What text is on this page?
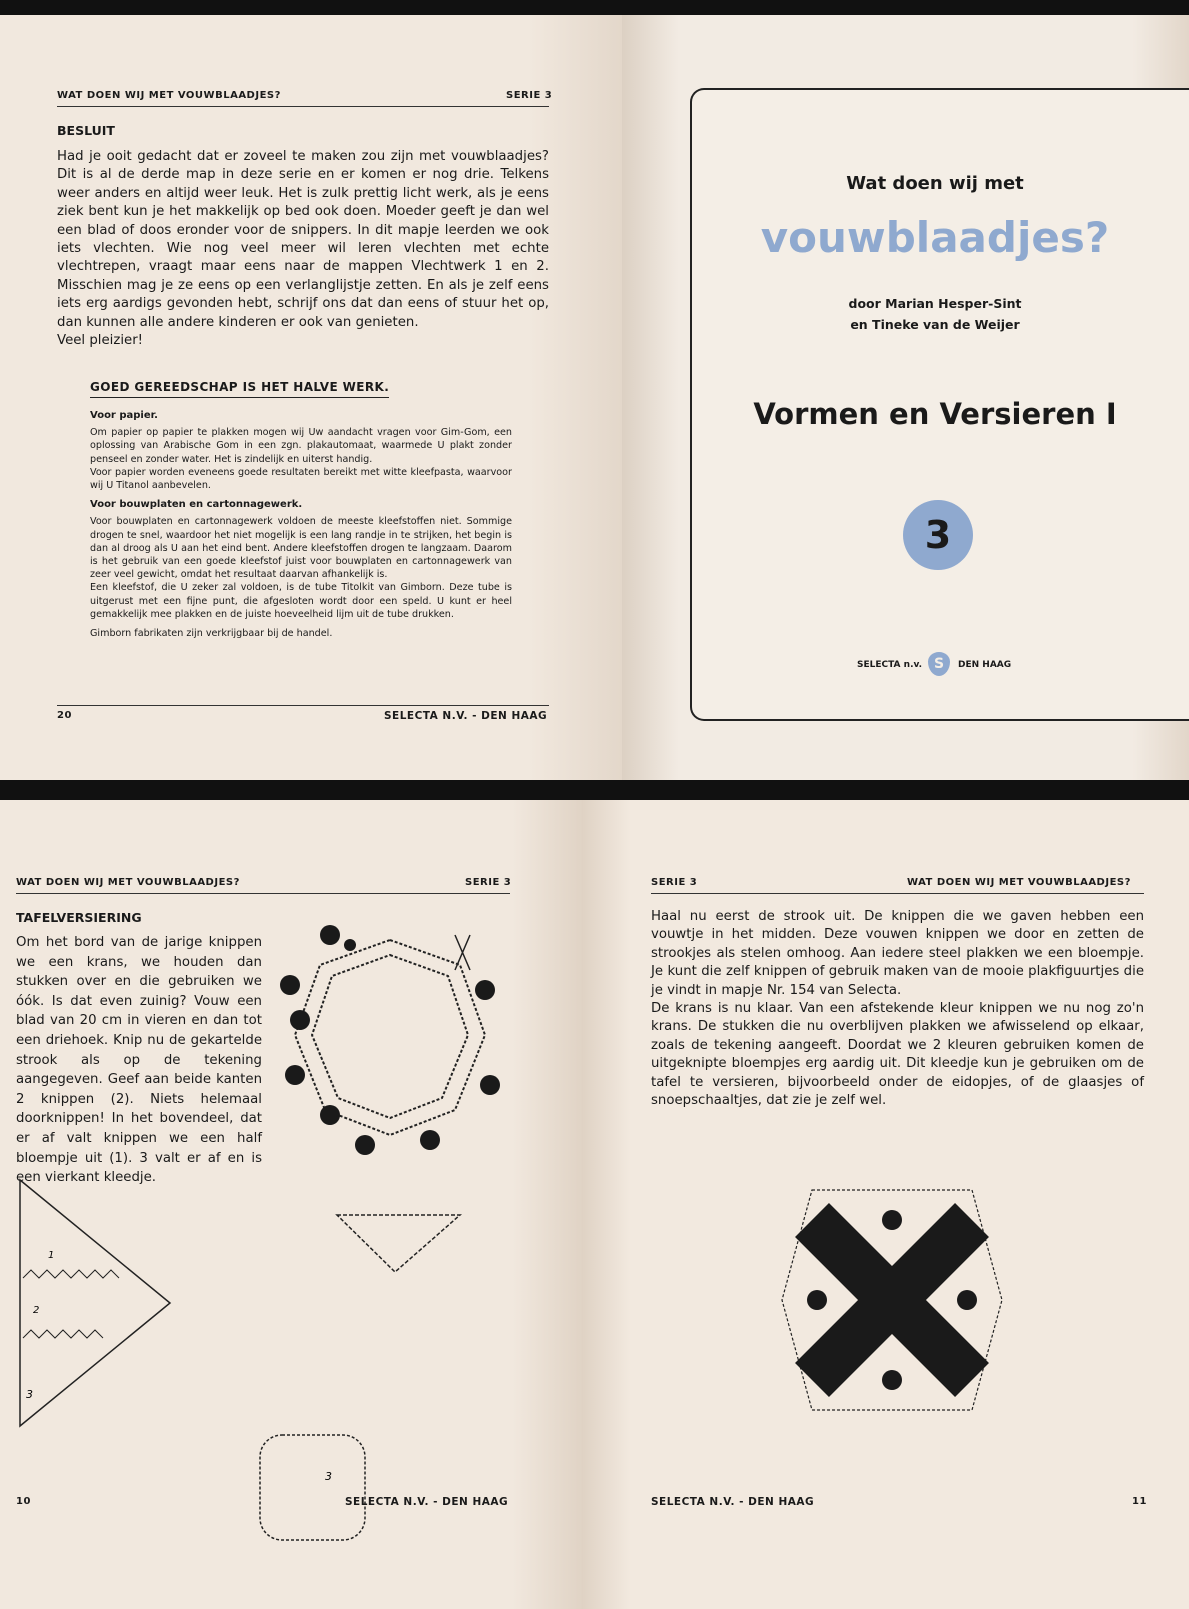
WAT DOEN WIJ MET VOUWBLAADJES?	SERIE 3
BESLUIT
Had je ooit gedacht dat er zoveel te maken zou zijn met vouwblaadjes? Dit is al de derde map in deze serie en er komen er nog drie. Telkens weer anders en altijd weer leuk. Het is zulk prettig licht werk, als je eens ziek bent kun je het makkelijk op bed ook doen. Moeder geeft je dan wel een blad of doos eronder voor de snippers. In dit mapje leerden we ook iets vlechten. Wie nog veel meer wil leren vlechten met echte vlechtrepen, vraagt maar eens naar de mappen Vlechtwerk 1 en 2. Misschien mag je ze eens op een verlanglijstje zetten. En als je zelf eens iets erg aardigs gevonden hebt, schrijf ons dat dan eens of stuur het op, dan kunnen alle andere kinderen er ook van genieten.
Veel pleizier!
GOED GEREEDSCHAP IS HET HALVE WERK.
Voor papier.

Om papier op papier te plakken mogen wij Uw aandacht vragen voor Gim-Gom, een oplossing van Arabische Gom in een zgn. plakautomaat, waarmede U plakt zonder penseel en zonder water. Het is zindelijk en uiterst handig.

Voor papier worden eveneens goede resultaten bereikt met witte kleefpasta, waarvoor wij U Titanol aanbevelen.

Voor bouwplaten en cartonnagewerk.

Voor bouwplaten en cartonnagewerk voldoen de meeste kleefstoffen niet. Sommige drogen te snel, waardoor het niet mogelijk is een lang randje in te strijken, het begin is dan al droog als U aan het eind bent. Andere kleefstoffen drogen te langzaam. Daarom is het gebruik van een goede kleefstof juist voor bouwplaten en cartonnagewerk van zeer veel gewicht, omdat het resultaat daarvan afhankelijk is.

Een kleefstof, die U zeker zal voldoen, is de tube Titolkit van Gimborn. Deze tube is uitgerust met een fijne punt, die afgesloten wordt door een speld. U kunt er heel gemakkelijk mee plakken en de juiste hoeveelheid lijm uit de tube drukken.

Gimborn fabrikaten zijn verkrijgbaar bij de handel.

20	SELECTA N.V. - DEN HAAG
Wat doen wij met
vouwblaadjes?
door Marian Hesper-Sint
en Tineke van de Weijer
Vormen en Versieren I
3
SELECTA n.v. S	DEN HAAG
WAT DOEN WIJ MET VOUWBLAADJES?	SERIE 3
TAFELVERSIERING
Om het bord van de jarige knippen we een krans, we houden dan stukken over en die gebruiken we óók. Is dat even zuinig? Vouw een blad van 20 cm in vieren en dan tot een driehoek. Knip nu de gekartelde strook als op de tekening aangegeven. Geef aan beide kanten 2 knippen (2). Niets helemaal doorknippen! In het bovendeel, dat er af valt knippen we een half bloempje uit (1). 3 valt er af en is een vierkant kleedje.
1
2
3
3
10	SELECTA N.V. - DEN HAAG
SERIE 3	WAT DOEN WIJ MET VOUWBLAADJES?
Haal nu eerst de strook uit. De knippen die we gaven hebben een vouwtje in het midden. Deze vouwen knippen we door en zetten de strookjes als stelen omhoog. Aan iedere steel plakken we een bloempje. Je kunt die zelf knippen of gebruik maken van de mooie plakfiguurtjes die je vindt in mapje Nr. 154 van Selecta.
De krans is nu klaar. Van een afstekende kleur knippen we nu nog zo'n krans. De stukken die nu overblijven plakken we afwisselend op elkaar, zoals de tekening aangeeft. Doordat we 2 kleuren gebruiken komen de uitgeknipte bloempjes erg aardig uit. Dit kleedje kun je gebruiken om de tafel te versieren, bijvoorbeeld onder de eidopjes, of de glaasjes of snoepschaaltjes, dat zie je zelf wel.
SELECTA N.V. - DEN HAAG	11
